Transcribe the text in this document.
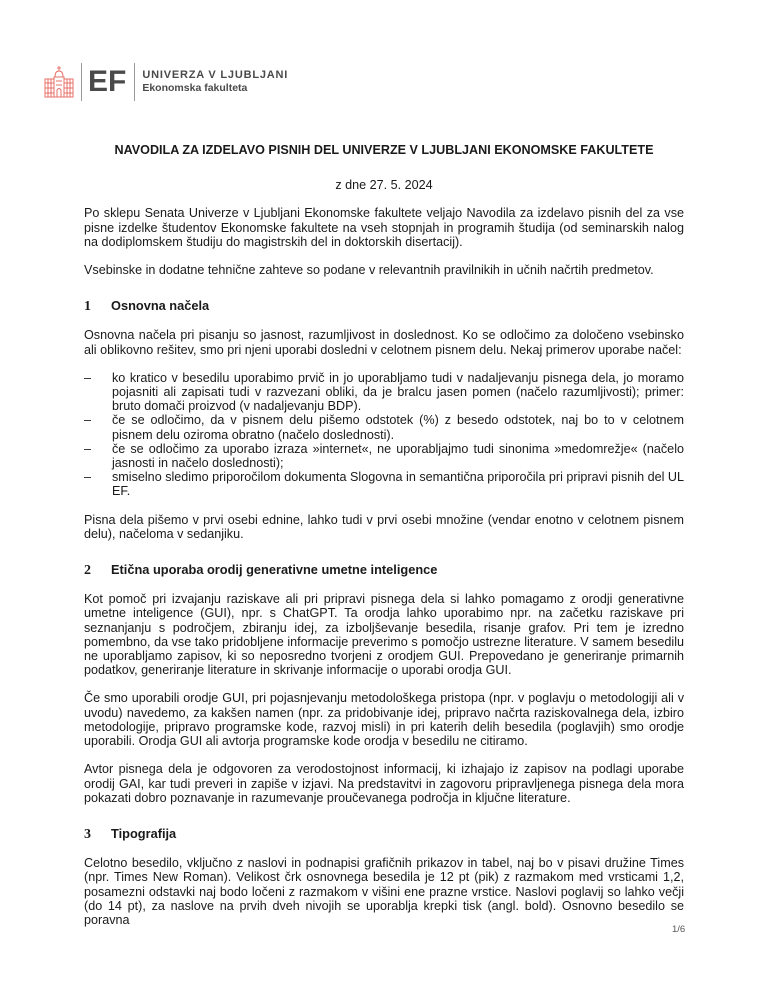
EF UNIVERZA V LJUBLJANI
Ekonomska fakulteta

NAVODILA ZA IZDELAVO PISNIH DEL UNIVERZE V LJUBLJANI EKONOMSKE FAKULTETE

z dne 27. 5. 2024

Po sklepu Senata Univerze v Ljubljani Ekonomske fakultete veljajo Navodila za izdelavo pisnih del za vse pisne izdelke študentov Ekonomske fakultete na vseh stopnjah in programih študija (od seminarskih nalog na dodiplomskem študiju do magistrskih del in doktorskih disertacij).

Vsebinske in dodatne tehnične zahteve so podane v relevantnih pravilnikih in učnih načrtih predmetov.

1	Osnovna načela

Osnovna načela pri pisanju so jasnost, razumljivost in doslednost. Ko se odločimo za določeno vsebinsko ali oblikovno rešitev, smo pri njeni uporabi dosledni v celotnem pisnem delu. Nekaj primerov uporabe načel:

–	ko kratico v besedilu uporabimo prvič in jo uporabljamo tudi v nadaljevanju pisnega dela, jo moramo pojasniti ali zapisati tudi v razvezani obliki, da je bralcu jasen pomen (načelo razumljivosti); primer: bruto domači proizvod (v nadaljevanju BDP).
–	če se odločimo, da v pisnem delu pišemo odstotek (%) z besedo odstotek, naj bo to v celotnem pisnem delu oziroma obratno (načelo doslednosti).
–	če se odločimo za uporabo izraza »internet«, ne uporabljajmo tudi sinonima »medomrežje« (načelo jasnosti in načelo doslednosti);
–	smiselno sledimo priporočilom dokumenta Slogovna in semantična priporočila pri pripravi pisnih del UL EF.

Pisna dela pišemo v prvi osebi ednine, lahko tudi v prvi osebi množine (vendar enotno v celotnem pisnem delu), načeloma v sedanjiku.

2	Etična uporaba orodij generativne umetne inteligence

Kot pomoč pri izvajanju raziskave ali pri pripravi pisnega dela si lahko pomagamo z orodji generativne umetne inteligence (GUI), npr. s ChatGPT. Ta orodja lahko uporabimo npr. na začetku raziskave pri seznanjanju s področjem, zbiranju idej, za izboljševanje besedila, risanje grafov. Pri tem je izredno pomembno, da vse tako pridobljene informacije preverimo s pomočjo ustrezne literature. V samem besedilu ne uporabljamo zapisov, ki so neposredno tvorjeni z orodjem GUI. Prepovedano je generiranje primarnih podatkov, generiranje literature in skrivanje informacije o uporabi orodja GUI.

Če smo uporabili orodje GUI, pri pojasnjevanju metodološkega pristopa (npr. v poglavju o metodologiji ali v uvodu) navedemo, za kakšen namen (npr. za pridobivanje idej, pripravo načrta raziskovalnega dela, izbiro metodologije, pripravo programske kode, razvoj misli) in pri katerih delih besedila (poglavjih) smo orodje uporabili. Orodja GUI ali avtorja programske kode orodja v besedilu ne citiramo.

Avtor pisnega dela je odgovoren za verodostojnost informacij, ki izhajajo iz zapisov na podlagi uporabe orodij GAI, kar tudi preveri in zapiše v izjavi. Na predstavitvi in zagovoru pripravljenega pisnega dela mora pokazati dobro poznavanje in razumevanje proučevanega področja in ključne literature.

3	Tipografija

Celotno besedilo, vključno z naslovi in podnapisi grafičnih prikazov in tabel, naj bo v pisavi družine Times (npr. Times New Roman). Velikost črk osnovnega besedila je 12 pt (pik) z razmakom med vrsticami 1,2, posamezni odstavki naj bodo ločeni z razmakom v višini ene prazne vrstice. Naslovi poglavij so lahko večji (do 14 pt), za naslove na prvih dveh nivojih se uporablja krepki tisk (angl. bold). Osnovno besedilo se poravna

1/6
